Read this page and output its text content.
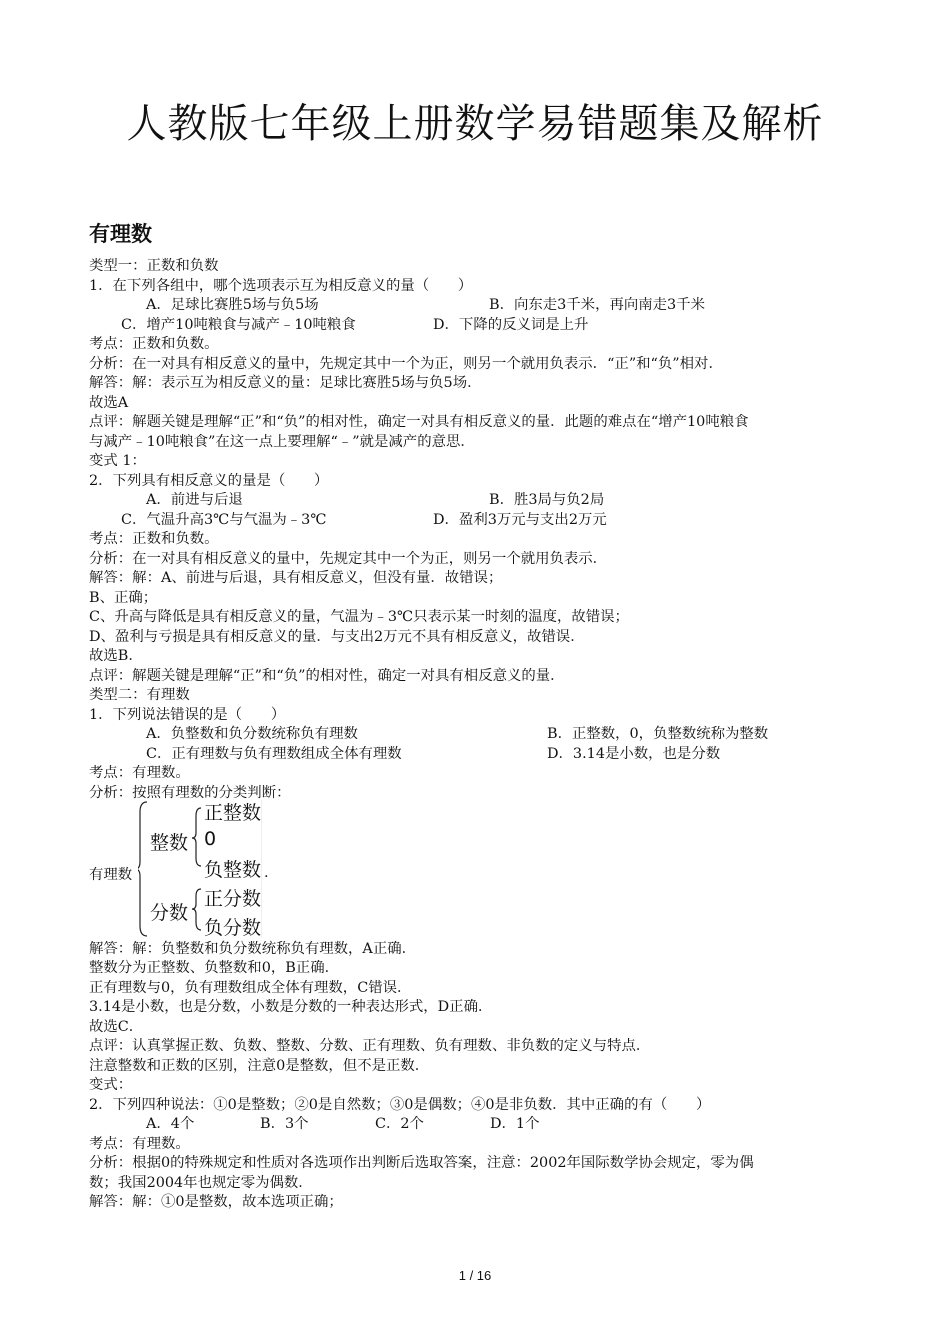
人教版七年级上册数学易错题集及解析
有理数
类型一：正数和负数
1．在下列各组中，哪个选项表示互为相反意义的量（　　）
A．足球比赛胜5场与负5场	B．向东走3千米，再向南走3千米
C．增产10吨粮食与减产﹣10吨粮食	D．下降的反义词是上升
考点：正数和负数。
分析：在一对具有相反意义的量中，先规定其中一个为正，则另一个就用负表示．“正”和“负”相对．
解答：解：表示互为相反意义的量：足球比赛胜5场与负5场．
故选A
点评：解题关键是理解“正”和“负”的相对性，确定一对具有相反意义的量．此题的难点在“增产10吨粮食
与减产﹣10吨粮食”在这一点上要理解“﹣”就是减产的意思．
变式 1：
2．下列具有相反意义的量是（　　）
A．前进与后退	B．胜3局与负2局
C．气温升高3℃与气温为﹣3℃	D．盈利3万元与支出2万元
考点：正数和负数。
分析：在一对具有相反意义的量中，先规定其中一个为正，则另一个就用负表示．
解答：解：A、前进与后退，具有相反意义，但没有量．故错误；
B、正确；
C、升高与降低是具有相反意义的量，气温为﹣3℃只表示某一时刻的温度，故错误；
D、盈利与亏损是具有相反意义的量．与支出2万元不具有相反意义，故错误．
故选B．
点评：解题关键是理解“正”和“负”的相对性，确定一对具有相反意义的量．
类型二：有理数
1．下列说法错误的是（　　）
A．负整数和负分数统称负有理数	B．正整数，0，负整数统称为整数
C．正有理数与负有理数组成全体有理数	D．3.14是小数，也是分数
考点：有理数。
分析：按照有理数的分类判断：
有理数
整数
正整数
0
负整数
分数
正分数
负分数
.
解答：解：负整数和负分数统称负有理数，A正确．
整数分为正整数、负整数和0，B正确．
正有理数与0，负有理数组成全体有理数，C错误．
3.14是小数，也是分数，小数是分数的一种表达形式，D正确．
故选C．
点评：认真掌握正数、负数、整数、分数、正有理数、负有理数、非负数的定义与特点．
注意整数和正数的区别，注意0是整数，但不是正数．
变式：
2．下列四种说法：①0是整数；②0是自然数；③0是偶数；④0是非负数．其中正确的有（　　）
A．4个	B．3个	C．2个	D．1个
考点：有理数。
分析：根据0的特殊规定和性质对各选项作出判断后选取答案，注意：2002年国际数学协会规定，零为偶
数；我国2004年也规定零为偶数．
解答：解：①0是整数，故本选项正确；
1 / 16
